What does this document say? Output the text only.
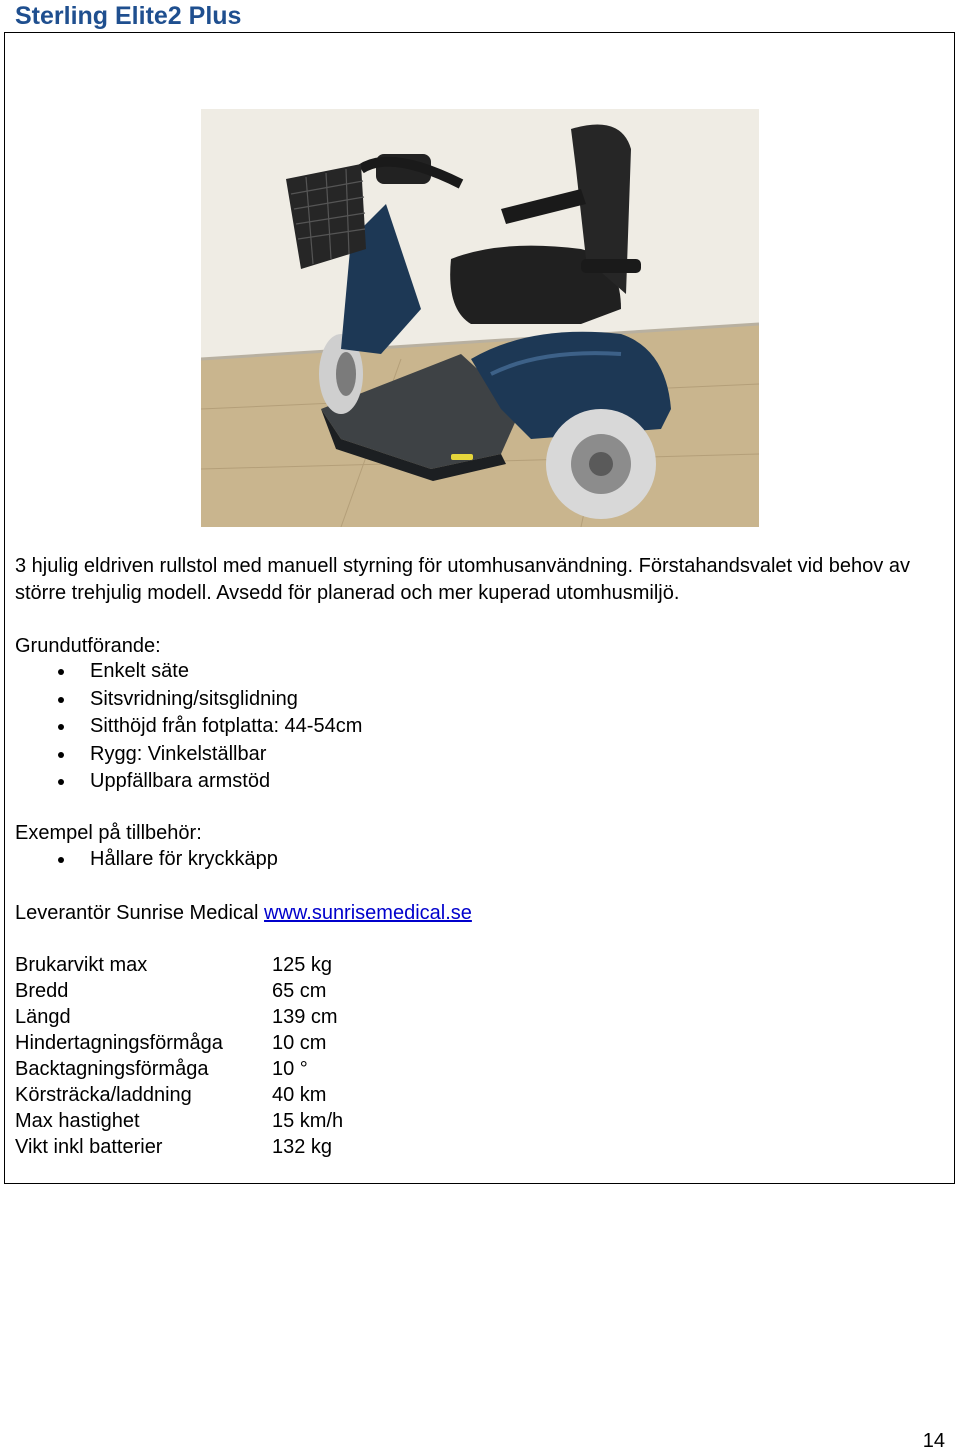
Sterling Elite2 Plus
3 hjulig eldriven rullstol med manuell styrning för utomhusanvändning. Förstahandsvalet vid behov av större trehjulig modell. Avsedd för planerad och mer kuperad utomhusmiljö.
Grundutförande:
Enkelt säte
Sitsvridning/sitsglidning
Sitthöjd från fotplatta: 44-54cm
Rygg: Vinkelställbar
Uppfällbara armstöd
Exempel på tillbehör:
Hållare för kryckkäpp
Leverantör Sunrise Medical www.sunrisemedical.se
Brukarvikt max	125 kg
Bredd	65 cm
Längd	139 cm
Hindertagningsförmåga	10 cm
Backtagningsförmåga	10 °
Körsträcka/laddning	40 km
Max hastighet	15 km/h
Vikt inkl batterier	132 kg
14
